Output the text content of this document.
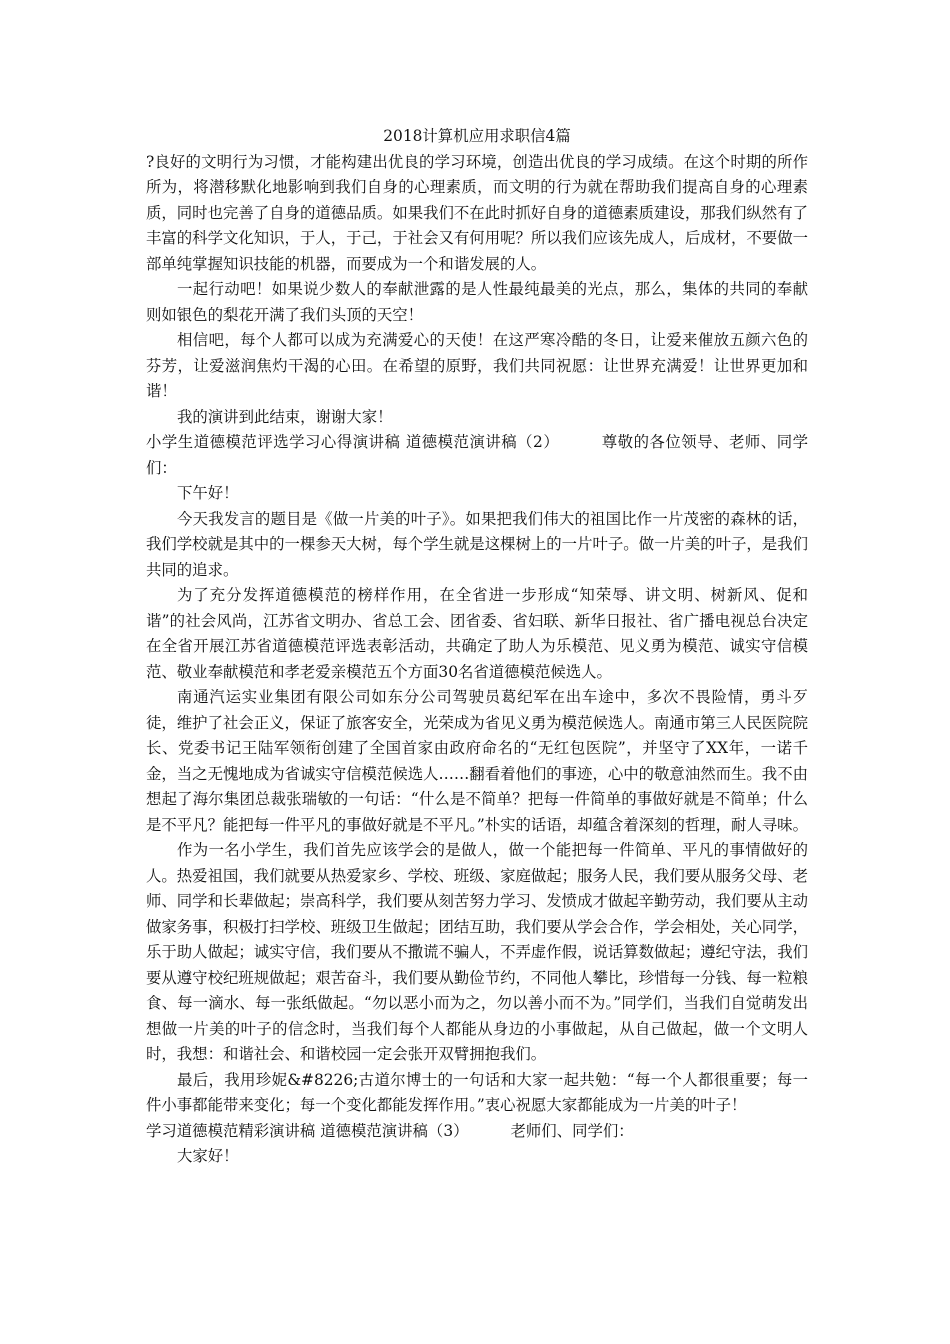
2018计算机应用求职信4篇

?良好的文明行为习惯，才能构建出优良的学习环境，创造出优良的学习成绩。在这个时期的所作所为，将潜移默化地影响到我们自身的心理素质，而文明的行为就在帮助我们提高自身的心理素质，同时也完善了自身的道德品质。如果我们不在此时抓好自身的道德素质建设，那我们纵然有了丰富的科学文化知识，于人，于己，于社会又有何用呢？所以我们应该先成人，后成材，不要做一部单纯掌握知识技能的机器，而要成为一个和谐发展的人。

一起行动吧！如果说少数人的奉献泄露的是人性最纯最美的光点，那么，集体的共同的奉献则如银色的梨花开满了我们头顶的天空！

相信吧，每个人都可以成为充满爱心的天使！在这严寒冷酷的冬日，让爱来催放五颜六色的芬芳，让爱滋润焦灼干渴的心田。在希望的原野，我们共同祝愿：让世界充满爱！让世界更加和谐！

我的演讲到此结束，谢谢大家！

小学生道德模范评选学习心得演讲稿 道德模范演讲稿（2）	尊敬的各位领导、老师、同学们：

下午好！

今天我发言的题目是《做一片美的叶子》。如果把我们伟大的祖国比作一片茂密的森林的话，我们学校就是其中的一棵参天大树，每个学生就是这棵树上的一片叶子。做一片美的叶子，是我们共同的追求。

为了充分发挥道德模范的榜样作用，在全省进一步形成“知荣辱、讲文明、树新风、促和谐”的社会风尚，江苏省文明办、省总工会、团省委、省妇联、新华日报社、省广播电视总台决定在全省开展江苏省道德模范评选表彰活动，共确定了助人为乐模范、见义勇为模范、诚实守信模范、敬业奉献模范和孝老爱亲模范五个方面30名省道德模范候选人。

南通汽运实业集团有限公司如东分公司驾驶员葛纪军在出车途中，多次不畏险情，勇斗歹徒，维护了社会正义，保证了旅客安全，光荣成为省见义勇为模范候选人。南通市第三人民医院院长、党委书记王陆军领衔创建了全国首家由政府命名的“无红包医院”，并坚守了XX年，一诺千金，当之无愧地成为省诚实守信模范候选人……翻看着他们的事迹，心中的敬意油然而生。我不由想起了海尔集团总裁张瑞敏的一句话：“什么是不简单？把每一件简单的事做好就是不简单；什么是不平凡？能把每一件平凡的事做好就是不平凡。”朴实的话语，却蕴含着深刻的哲理，耐人寻味。

作为一名小学生，我们首先应该学会的是做人，做一个能把每一件简单、平凡的事情做好的人。热爱祖国，我们就要从热爱家乡、学校、班级、家庭做起；服务人民，我们要从服务父母、老师、同学和长辈做起；崇高科学，我们要从刻苦努力学习、发愤成才做起辛勤劳动，我们要从主动做家务事，积极打扫学校、班级卫生做起；团结互助，我们要从学会合作，学会相处，关心同学，乐于助人做起；诚实守信，我们要从不撒谎不骗人，不弄虚作假，说话算数做起；遵纪守法，我们要从遵守校纪班规做起；艰苦奋斗，我们要从勤俭节约，不同他人攀比，珍惜每一分钱、每一粒粮食、每一滴水、每一张纸做起。“勿以恶小而为之，勿以善小而不为。”同学们，当我们自觉萌发出想做一片美的叶子的信念时，当我们每个人都能从身边的小事做起，从自己做起，做一个文明人时，我想：和谐社会、和谐校园一定会张开双臂拥抱我们。

最后，我用珍妮&#8226;古道尔博士的一句话和大家一起共勉：“每一个人都很重要；每一件小事都能带来变化；每一个变化都能发挥作用。”衷心祝愿大家都能成为一片美的叶子！

学习道德模范精彩演讲稿 道德模范演讲稿（3）	老师们、同学们：

大家好！
